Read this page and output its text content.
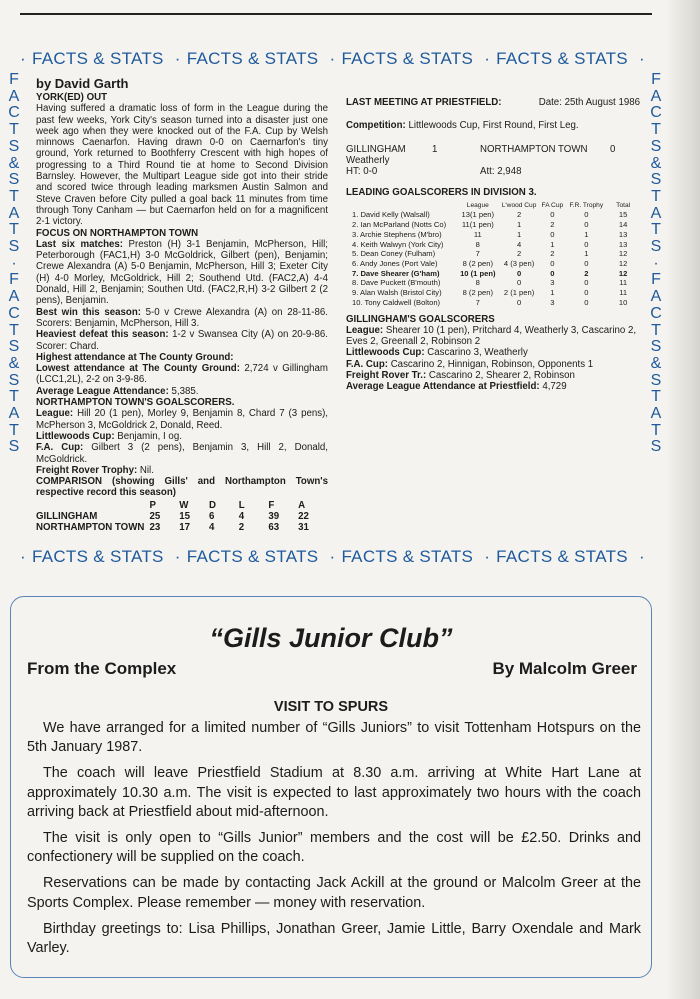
· FACTS & STATS · FACTS & STATS · FACTS & STATS · FACTS & STATS ·
· FACTS & STATS · FACTS & STATS · FACTS & STATS · FACTS & STATS ·
F
A
C
T
S
&
S
T
A
T
S
·
F
A
C
T
S
&
S
T
A
T
S
F
A
C
T
S
&
S
T
A
T
S
·
F
A
C
T
S
&
S
T
A
T
S

by David Garth

YORK(ED) OUT

Having suffered a dramatic loss of form in the League during the past few weeks, York City's season turned into a disaster just one week ago when they were knocked out of the F.A. Cup by Welsh minnows Caenarfon. Having drawn 0-0 on Caernarfon's tiny ground, York returned to Boothferry Crescent with high hopes of progressing to a Third Round tie at home to Second Division Barnsley. However, the Multipart League side got into their stride and scored twice through leading marksmen Austin Salmon and Steve Craven before City pulled a goal back 11 minutes from time through Tony Canham — but Caernarfon held on for a magnificent 2-1 victory.

FOCUS ON NORTHAMPTON TOWN

Last six matches: Preston (H) 3-1 Benjamin, McPherson, Hill; Peterborough (FAC1,H) 3-0 McGoldrick, Gilbert (pen), Benjamin; Crewe Alexandra (A) 5-0 Benjamin, McPherson, Hill 3; Exeter City (H) 4-0 Morley, McGoldrick, Hill 2; Southend Utd. (FAC2,A) 4-4 Donald, Hill 2, Benjamin; Southen Utd. (FAC2,R,H) 3-2 Gilbert 2 (2 pens), Benjamin.

Best win this season: 5-0 v Crewe Alexandra (A) on 28-11-86. Scorers: Benjamin, McPherson, Hill 3.

Heaviest defeat this season: 1-2 v Swansea City (A) on 20-9-86. Scorer: Chard.

Highest attendance at The County Ground:

Lowest attendance at The County Ground: 2,724 v Gillingham (LCC1,2L), 2-2 on 3-9-86.

Average League Attendance: 5,385.

NORTHAMPTON TOWN'S GOALSCORERS.

League: Hill 20 (1 pen), Morley 9, Benjamin 8, Chard 7 (3 pens), McPherson 3, McGoldrick 2, Donald, Reed.

Littlewoods Cup: Benjamin, I og.

F.A. Cup: Gilbert 3 (2 pens), Benjamin 3, Hill 2, Donald, McGoldrick.

Freight Rover Trophy: Nil.

COMPARISON (showing Gills' and Northampton Town's respective record this season)

	P	W	D	L	F	A
GILLINGHAM	25	15	6	4	39	22
NORTHAMPTON TOWN	23	17	4	2	63	31
LAST MEETING AT PRIESTFIELD:	Date: 25th August 1986

Competition: Littlewoods Cup, First Round, First Leg.

GILLINGHAM	1	NORTHAMPTON TOWN	0

Weatherly

HT: 0-0	Att: 2,948

LEADING GOALSCORERS IN DIVISION 3.

	League	L'wood Cup	FA Cup	F.R. Trophy	Total
1. David Kelly (Walsall)	13(1 pen)	2	0	0	15
2. Ian McParland (Notts Co)	11(1 pen)	1	2	0	14
3. Archie Stephens (M'bro)	11	1	0	1	13
4. Keith Walwyn (York City)	8	4	1	0	13
5. Dean Coney (Fulham)	7	2	2	1	12
6. Andy Jones (Port Vale)	8 (2 pen)	4 (3 pen)	0	0	12
7. Dave Shearer (G'ham)	10 (1 pen)	0	0	2	12
8. Dave Puckett (B'mouth)	8	0	3	0	11
9. Alan Walsh (Bristol City)	8 (2 pen)	2 (1 pen)	1	0	11
10. Tony Caldwell (Bolton)	7	0	3	0	10

GILLINGHAM'S GOALSCORERS

League: Shearer 10 (1 pen), Pritchard 4, Weatherly 3, Cascarino 2, Eves 2, Greenall 2, Robinson 2

Littlewoods Cup: Cascarino 3, Weatherly

F.A. Cup: Cascarino 2, Hinnigan, Robinson, Opponents 1

Freight Rover Tr.: Cascarino 2, Shearer 2, Robinson

Average League Attendance at Priestfield: 4,729

“Gills Junior Club”
From the Complex	By Malcolm Greer
VISIT TO SPURS

We have arranged for a limited number of “Gills Juniors” to visit Tottenham Hotspurs on the 5th January 1987.

The coach will leave Priestfield Stadium at 8.30 a.m. arriving at White Hart Lane at approximately 10.30 a.m. The visit is expected to last approximately two hours with the coach arriving back at Priestfield about mid-afternoon.

The visit is only open to “Gills Junior” members and the cost will be £2.50. Drinks and confectionery will be supplied on the coach.

Reservations can be made by contacting Jack Ackill at the ground or Malcolm Greer at the Sports Complex. Please remember — money with reservation.

Birthday greetings to: Lisa Phillips, Jonathan Greer, Jamie Little, Barry Oxendale and Mark Varley.
